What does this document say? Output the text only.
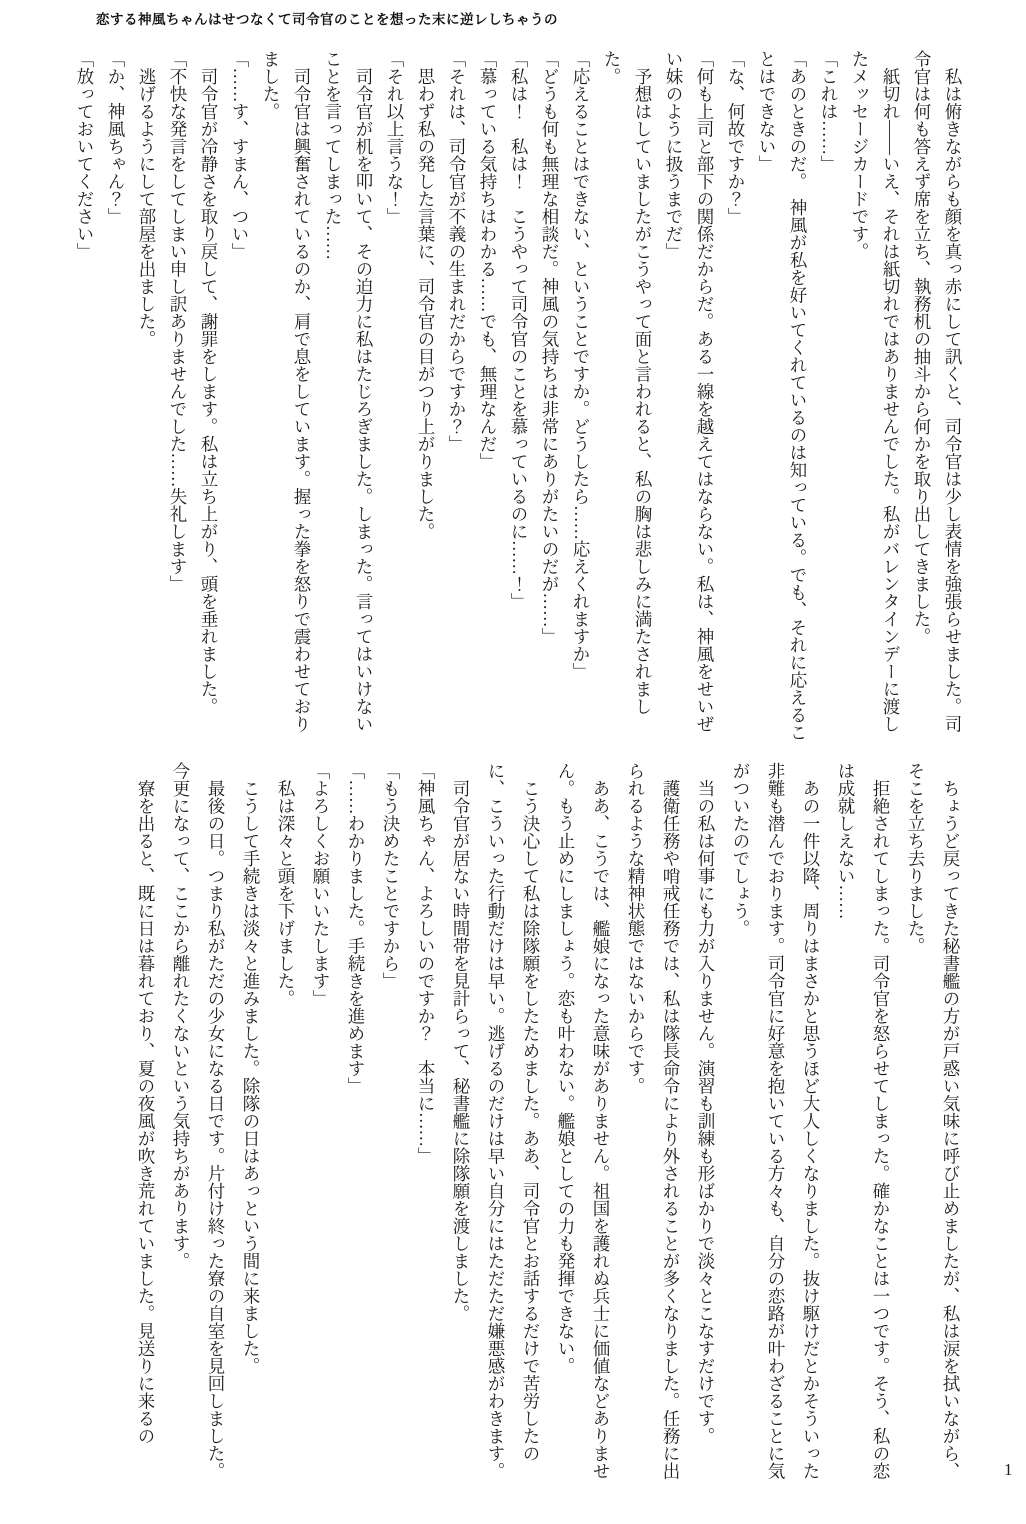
恋する神風ちゃんはせつなくて司令官のことを想った末に逆レしちゃうの

　私は俯きながらも顔を真っ赤にして訊くと、司令官は少し表情を強張らせました。司令官は何も答えず席を立ち、執務机の抽斗から何かを取り出してきました。

　紙切れ――いえ、それは紙切れではありませんでした。私がバレンタインデーに渡したメッセージカードです。

「これは……」

「あのときのだ。　神風が私を好いてくれているのは知っている。でも、それに応えることはできない」

「な、何故ですか？」

「何も上司と部下の関係だからだ。ある一線を越えてはならない。私は、神風をせいぜい妹のように扱うまでだ」

　予想はしていましたがこうやって面と言われると、私の胸は悲しみに満たされました。

「応えることはできない、ということですか。どうしたら……応えくれますか」

「どうも何も無理な相談だ。神風の気持ちは非常にありがたいのだが……」

「私は！　私は！　こうやって司令官のことを慕っているのに……！」

「慕っている気持ちはわかる……でも、無理なんだ」

「それは、司令官が不義の生まれだからですか？」

　思わず私の発した言葉に、司令官の目がつり上がりました。

「それ以上言うな！」

　司令官が机を叩いて、その迫力に私はたじろぎました。しまった。言ってはいけないことを言ってしまった……

　司令官は興奮されているのか、肩で息をしています。握った拳を怒りで震わせておりました。

「……す、すまん、つい」

　司令官が冷静さを取り戻して、謝罪をします。私は立ち上がり、頭を垂れました。

「不快な発言をしてしまい申し訳ありませんでした……失礼します」

　逃げるようにして部屋を出ました。

「か、神風ちゃん？」

「放っておいてください」

　ちょうど戻ってきた秘書艦の方が戸惑い気味に呼び止めましたが、私は涙を拭いながら、そこを立ち去りました。

　拒絶されてしまった。司令官を怒らせてしまった。確かなことは一つです。そう、私の恋は成就しえない……

　あの一件以降、周りはまさかと思うほど大人しくなりました。抜け駆けだとかそういった非難も潜んでおります。司令官に好意を抱いている方々も、自分の恋路が叶わざることに気がついたのでしょう。

　当の私は何事にも力が入りません。演習も訓練も形ばかりで淡々とこなすだけです。

　護衛任務や哨戒任務では、私は隊長命令により外されることが多くなりました。任務に出られるような精神状態ではないからです。

　ああ、こうでは、艦娘になった意味がありません。祖国を護れぬ兵士に価値などありません。もう止めにしましょう。恋も叶わない。艦娘としての力も発揮できない。

　こう決心して私は除隊願をしたためました。ああ、司令官とお話するだけで苦労したのに、こういった行動だけは早い。逃げるのだけは早い自分にはただただ嫌悪感がわきます。

　司令官が居ない時間帯を見計らって、秘書艦に除隊願を渡しました。

「神風ちゃん、よろしいのですか？　本当に……」

「もう決めたことですから」

「……わかりました。手続きを進めます」

「よろしくお願いいたします」

　私は深々と頭を下げました。

　こうして手続きは淡々と進みました。除隊の日はあっという間に来ました。

　最後の日。つまり私がただの少女になる日です。片付け終った寮の自室を見回しました。今更になって、ここから離れたくないという気持ちがあります。

　寮を出ると、既に日は暮れており、夏の夜風が吹き荒れていました。見送りに来るの

1
